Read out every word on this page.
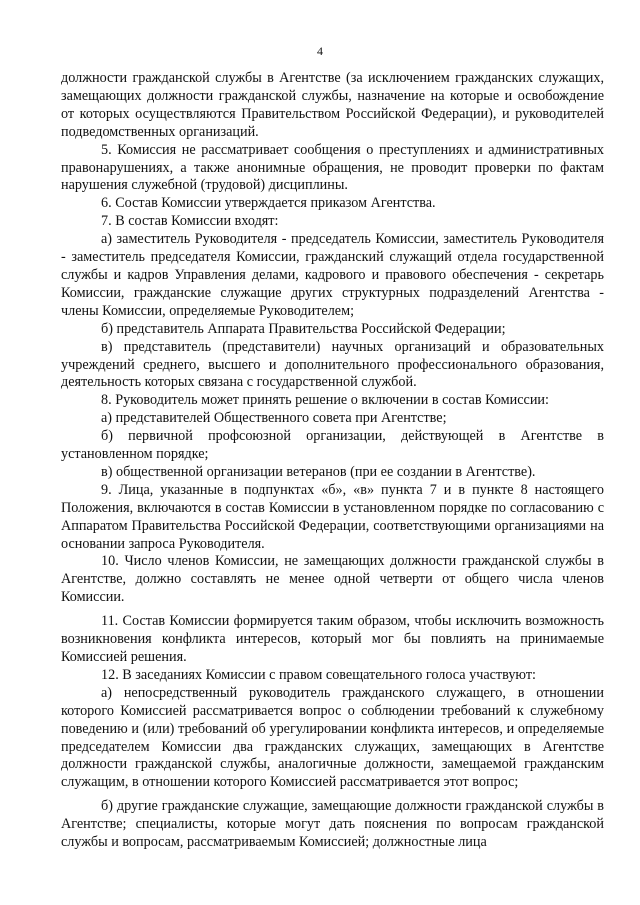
4

должности гражданской службы в Агентстве (за исключением гражданских служащих, замещающих должности гражданской службы, назначение на которые и освобождение от которых осуществляются Правительством Российской Федерации), и руководителей подведомственных организаций.

5. Комиссия не рассматривает сообщения о преступлениях и административных правонарушениях, а также анонимные обращения, не проводит проверки по фактам нарушения служебной (трудовой) дисциплины.

6. Состав Комиссии утверждается приказом Агентства.

7. В состав Комиссии входят:

а) заместитель Руководителя - председатель Комиссии, заместитель Руководителя - заместитель председателя Комиссии, гражданский служащий отдела государственной службы и кадров Управления делами, кадрового и правового обеспечения - секретарь Комиссии, гражданские служащие других структурных подразделений Агентства - члены Комиссии, определяемые Руководителем;

б) представитель Аппарата Правительства Российской Федерации;

в) представитель (представители) научных организаций и образовательных учреждений среднего, высшего и дополнительного профессионального образования, деятельность которых связана с государственной службой.

8. Руководитель может принять решение о включении в состав Комиссии:

а) представителей Общественного совета при Агентстве;

б) первичной профсоюзной организации, действующей в Агентстве в установленном порядке;

в) общественной организации ветеранов (при ее создании в Агентстве).

9. Лица, указанные в подпунктах «б», «в» пункта 7 и в пункте 8 настоящего Положения, включаются в состав Комиссии в установленном порядке по согласованию с Аппаратом Правительства Российской Федерации, соответствующими организациями на основании запроса Руководителя.

10. Число членов Комиссии, не замещающих должности гражданской службы в Агентстве, должно составлять не менее одной четверти от общего числа членов Комиссии.

11. Состав Комиссии формируется таким образом, чтобы исключить возможность возникновения конфликта интересов, который мог бы повлиять на принимаемые Комиссией решения.

12. В заседаниях Комиссии с правом совещательного голоса участвуют:

а) непосредственный руководитель гражданского служащего, в отношении которого Комиссией рассматривается вопрос о соблюдении требований к служебному поведению и (или) требований об урегулировании конфликта интересов, и определяемые председателем Комиссии два гражданских служащих, замещающих в Агентстве должности гражданской службы, аналогичные должности, замещаемой гражданским служащим, в отношении которого Комиссией рассматривается этот вопрос;

б) другие гражданские служащие, замещающие должности гражданской службы в Агентстве; специалисты, которые могут дать пояснения по вопросам гражданской службы и вопросам, рассматриваемым Комиссией; должностные лица
